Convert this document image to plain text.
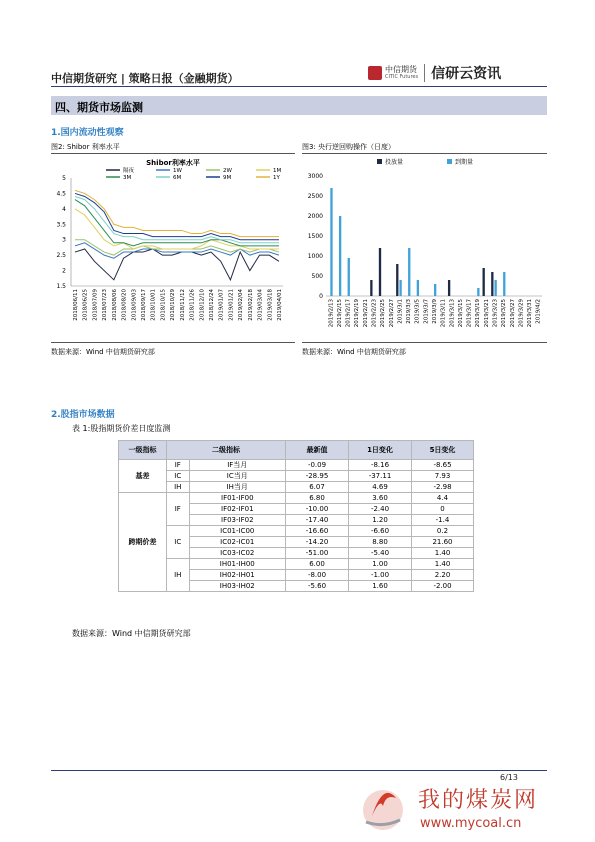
中信期货研究 | 策略日报（金融期货）
中信期货
CITIC Futures 信研云资讯
四、期货市场监测
1.国内流动性观察
图2: Shibor 利率水平	图3: 央行逆回购操作（日度）
Shibor利率水平
隔夜	1W	2W	1M
3M	6M	9M	1Y
5
4.5
4
3.5
3
2.5
2
1.5
2018/06/11 2018/06/25 2018/07/09 2018/07/23 2018/08/06 2018/08/20 2018/09/03 2018/09/17 2018/10/01 2018/10/15 2018/10/29 2018/11/12 2018/11/26 2018/12/10 2018/12/24 2019/01/07 2019/01/21 2019/02/04 2019/02/18 2019/03/04 2019/03/18 2019/04/01
投放量	到期量
3000
2500
2000
1500
1000
500
0
2019/2/13 2019/2/15 2019/2/17 2019/2/19 2019/2/21 2019/2/23 2019/2/25 2019/2/27 2019/3/1 2019/3/3 2019/3/5 2019/3/7 2019/3/9 2019/3/11 2019/3/13 2019/3/15 2019/3/17 2019/3/19 2019/3/21 2019/3/23 2019/3/25 2019/3/27 2019/3/29 2019/3/31 2019/4/2
数据来源：Wind 中信期货研究部	数据来源：Wind 中信期货研究部
2.股指市场数据
表 1:股指期货价差日度监测
一级指标	二级指标		最新值	1日变化	5日变化
基差	IF	IF当月	-0.09	-8.16	-8.65
	IC	IC当月	-28.95	-37.11	7.93
	IH	IH当月	6.07	4.69	-2.98
跨期价差	IF	IF01-IF00	6.80	3.60	4.4
		IF02-IF01	-10.00	-2.40	0
		IF03-IF02	-17.40	1.20	-1.4
	IC	IC01-IC00	-16.60	-6.60	0.2
		IC02-IC01	-14.20	8.80	21.60
		IC03-IC02	-51.00	-5.40	1.40
	IH	IH01-IH00	6.00	1.00	1.40
		IH02-IH01	-8.00	-1.00	2.20
		IH03-IH02	-5.60	1.60	-2.00
数据来源：Wind 中信期货研究部
6/13
我的煤炭网
www.mycoal.cn
